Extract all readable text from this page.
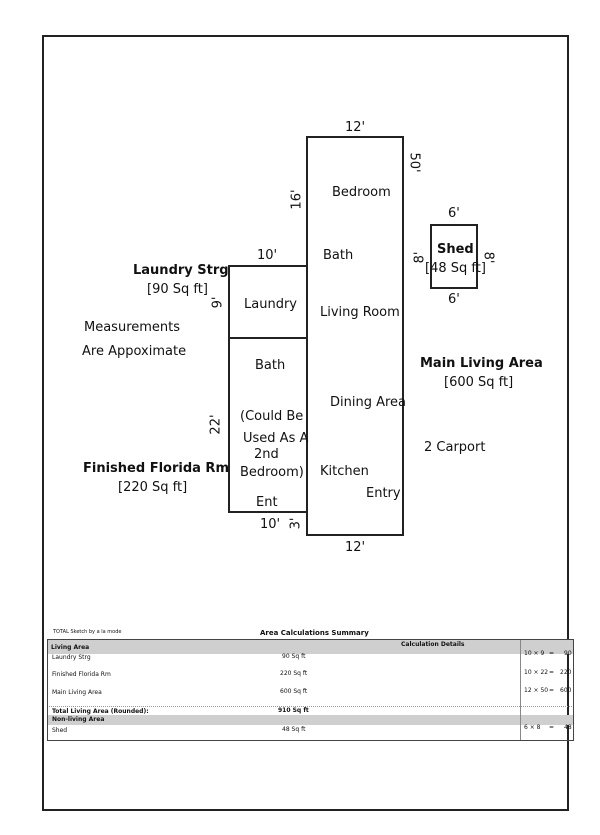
Measurements
Are Appoximate
12'
12'
50'
16' Bedroom
Bath
Living Room
Dining Area
Kitchen
Entry
Main Living Area
[600 Sq ft]
10'
9' Laundry
Laundry Strg
[90 Sq ft]
Bath
(Could Be
Used As A
2nd
Bedroom)
Ent
22'
10' 3'
Finished Florida Rm
[220 Sq ft]
6'
6'
8'	8'
Shed
[48 Sq ft]
2 Carport
TOTAL Sketch by a la mode	Area Calculations Summary
Living Area	Calculation Details
Laundry Strg	90 Sq ft	10 × 9 = 90
Finished Florida Rm	220 Sq ft	10 × 22 = 220
Main Living Area	600 Sq ft	12 × 50 = 600
Total Living Area (Rounded):	910 Sq ft
Non-living Area
Shed	48 Sq ft	6 × 8 = 48
